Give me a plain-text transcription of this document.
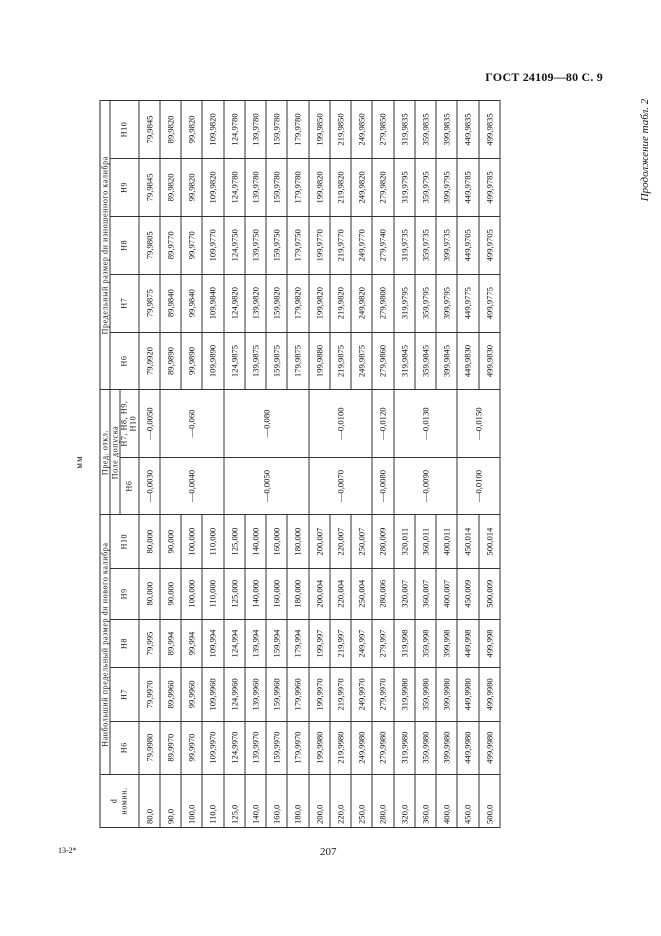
ГОСТ 24109—80 С. 9
Продолжение табл. 2
мм
d
номин.	Наибольший предельный размер dн нового калибра					Пред. откл.		Предельный размер dи изношенного калибра				
	H6	H7	H8	H9	H10	Поле допуска		H6	H7	H8	H9	H10
						H6	H7, H8, H9, H10					
80,0	79,9980	79,9970	79,995	80,000	80,000	—0,0030	—0,0050	79,9920	79,9875	79,9805	79,9845	79,9845
90,0	89,9970	89,9960	89,994	90,000	90,000	—0,0040	—0,060	89,9890	89,9840	89,9770	89,9820	89,9820
100,0	99,9970	99,9960	99,994	100,000	100,000			99,9890	99,9840	99,9770	99,9820	99,9820
110,0	109,9970	109,9960	109,994	110,000	110,000			109,9890	109,9840	109,9770	109,9820	109,9820
125,0	124,9970	124,9960	124,994	125,000	125,000	—0,0050	—0,080	124,9875	124,9820	124,9750	124,9780	124,9780
140,0	139,9970	139,9960	139,994	140,000	140,000			139,9875	139,9820	139,9750	139,9780	139,9780
160,0	159,9970	159,9960	159,994	160,000	160,000			159,9875	159,9820	159,9750	159,9780	159,9780
180,0	179,9970	179,9960	179,994	180,000	180,000			179,9875	179,9820	179,9750	179,9780	179,9780
200,0	199,9980	199,9970	199,997	200,004	200,007	—0,0070	—0,0100	199,9880	199,9820	199,9770	199,9820	199,9850
220,0	219,9980	219,9970	219,997	220,004	220,007			219,9875	219,9820	219,9770	219,9820	219,9850
250,0	249,9980	249,9970	249,997	250,004	250,007			249,9875	249,9820	249,9770	249,9820	249,9850
280,0	279,9980	279,9970	279,997	280,006	280,009	—0,0080	—0,0120	279,9860	279,9800	279,9740	279,9820	279,9850
320,0	319,9980	319,9980	319,998	320,007	320,011	—0,0090	—0,0130	319,9845	319,9795	319,9735	319,9795	319,9835
360,0	359,9980	359,9980	359,998	360,007	360,011			359,9845	359,9795	359,9735	359,9795	359,9835
400,0	399,9980	399,9980	399,998	400,007	400,011			399,9845	399,9795	399,9735	399,9795	399,9835
450,0	449,9980	449,9980	449,998	450,009	450,014	—0,0100	—0,0150	449,9830	449,9775	449,9705	449,9785	449,9835
500,0	499,9980	499,9980	499,998	500,009	500,014			499,9830	499,9775	499,9705	499,9785	499,9835
13-2*	207
